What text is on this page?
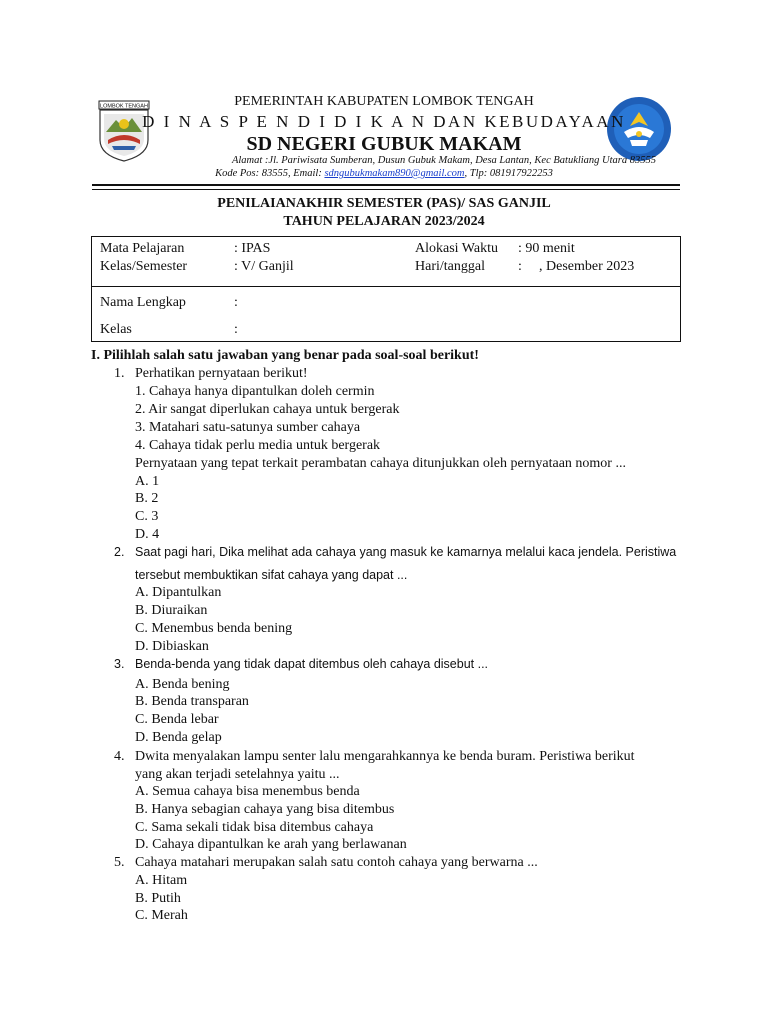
LOMBOK TENGAH	PEMERINTAH KABUPATEN LOMBOK TENGAH
D I N A S P E N D I D I K A N DAN KEBUDAYAAN
SD NEGERI GUBUK MAKAM
Alamat :Jl. Pariwisata Sumberan, Dusun Gubuk Makam, Desa Lantan, Kec Batukliang Utara 83555
Kode Pos: 83555, Email: sdngubukmakam890@gmail.com, Tlp: 081917922253
PENILAIANAKHIR SEMESTER (PAS)/ SAS GANJIL
TAHUN PELAJARAN 2023/2024
Mata Pelajaran	: IPAS	Alokasi Waktu : 90 menit
Kelas/Semester	: V/ Ganjil	Hari/tanggal : , Desember 2023
Nama Lengkap	:
Kelas	:
I. Pilihlah salah satu jawaban yang benar pada soal-soal berikut!
1. Perhatikan pernyataan berikut!
1. Cahaya hanya dipantulkan doleh cermin
2. Air sangat diperlukan cahaya untuk bergerak
3. Matahari satu-satunya sumber cahaya
4. Cahaya tidak perlu media untuk bergerak
Pernyataan yang tepat terkait perambatan cahaya ditunjukkan oleh pernyataan nomor ...
A. 1
B. 2
C. 3
D. 4
2. Saat pagi hari, Dika melihat ada cahaya yang masuk ke kamarnya melalui kaca jendela. Peristiwa
tersebut membuktikan sifat cahaya yang dapat ...
A. Dipantulkan
B. Diuraikan
C. Menembus benda bening
D. Dibiaskan
3. Benda-benda yang tidak dapat ditembus oleh cahaya disebut ...
A. Benda bening
B. Benda transparan
C. Benda lebar
D. Benda gelap
4. Dwita menyalakan lampu senter lalu mengarahkannya ke benda buram. Peristiwa berikut
yang akan terjadi setelahnya yaitu ...
A. Semua cahaya bisa menembus benda
B. Hanya sebagian cahaya yang bisa ditembus
C. Sama sekali tidak bisa ditembus cahaya
D. Cahaya dipantulkan ke arah yang berlawanan
5. Cahaya matahari merupakan salah satu contoh cahaya yang berwarna ...
A. Hitam
B. Putih
C. Merah
